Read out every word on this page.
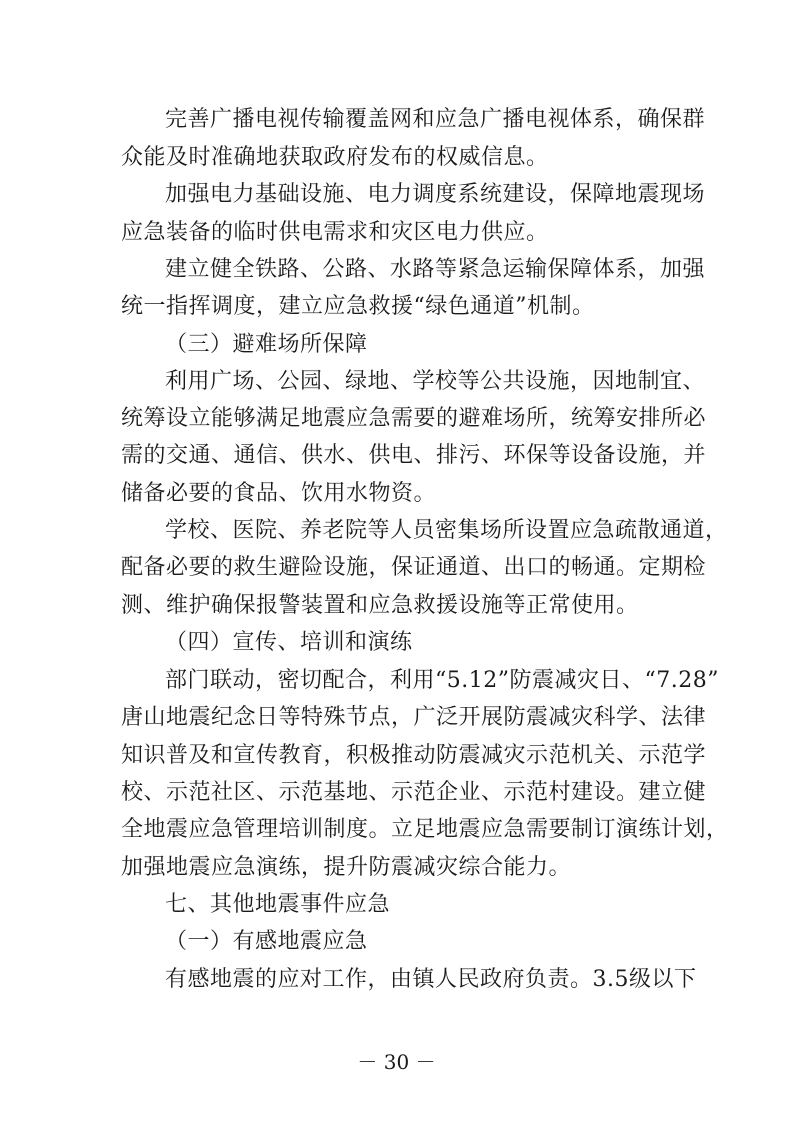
完善广播电视传输覆盖网和应急广播电视体系，确保群
众能及时准确地获取政府发布的权威信息。
加强电力基础设施、电力调度系统建设，保障地震现场
应急装备的临时供电需求和灾区电力供应。
建立健全铁路、公路、水路等紧急运输保障体系，加强
统一指挥调度，建立应急救援“绿色通道”机制。
（三）避难场所保障
利用广场、公园、绿地、学校等公共设施，因地制宜、
统筹设立能够满足地震应急需要的避难场所，统筹安排所必
需的交通、通信、供水、供电、排污、环保等设备设施，并
储备必要的食品、饮用水物资。
学校、医院、养老院等人员密集场所设置应急疏散通道，
配备必要的救生避险设施，保证通道、出口的畅通。定期检
测、维护确保报警装置和应急救援设施等正常使用。
（四）宣传、培训和演练
部门联动，密切配合，利用“5.12”防震减灾日、“7.28”
唐山地震纪念日等特殊节点，广泛开展防震减灾科学、法律
知识普及和宣传教育，积极推动防震减灾示范机关、示范学
校、示范社区、示范基地、示范企业、示范村建设。建立健
全地震应急管理培训制度。立足地震应急需要制订演练计划，
加强地震应急演练，提升防震减灾综合能力。
七、其他地震事件应急
（一）有感地震应急
有感地震的应对工作，由镇人民政府负责。3.5级以下
－ 30 －
